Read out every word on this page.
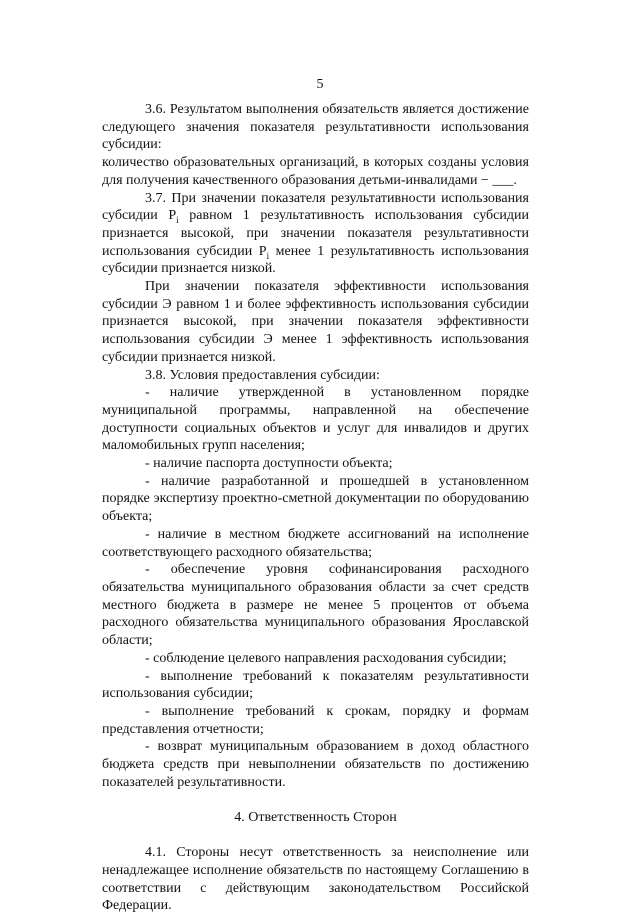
5

3.6. Результатом выполнения обязательств является достижение следующего значения показателя результативности использования субсидии:

количество образовательных организаций, в которых созданы условия для получения качественного образования детьми-инвалидами − ___.

3.7. При значении показателя результативности использования субсидии $P_i$ равном 1 результативность использования субсидии признается высокой, при значении показателя результативности использования субсидии $P_i$ менее 1 результативность использования субсидии признается низкой.

При значении показателя эффективности использования субсидии Э равном 1 и более эффективность использования субсидии признается высокой, при значении показателя эффективности использования субсидии Э менее 1 эффективность использования субсидии признается низкой.

3.8. Условия предоставления субсидии:

- наличие утвержденной в установленном порядке муниципальной программы, направленной на обеспечение доступности социальных объектов и услуг для инвалидов и других маломобильных групп населения;

- наличие паспорта доступности объекта;

- наличие разработанной и прошедшей в установленном порядке экспертизу проектно-сметной документации по оборудованию объекта;

- наличие в местном бюджете ассигнований на исполнение соответствующего расходного обязательства;

- обеспечение уровня софинансирования расходного обязательства муниципального образования области за счет средств местного бюджета в размере не менее 5 процентов от объема расходного обязательства муниципального образования Ярославской области;

- соблюдение целевого направления расходования субсидии;

- выполнение требований к показателям результативности использования субсидии;

- выполнение требований к срокам, порядку и формам представления отчетности;

- возврат муниципальным образованием в доход областного бюджета средств при невыполнении обязательств по достижению показателей результативности.

4. Ответственность Сторон

4.1. Стороны несут ответственность за неисполнение или ненадлежащее исполнение обязательств по настоящему Соглашению в соответствии с действующим законодательством Российской Федерации.
